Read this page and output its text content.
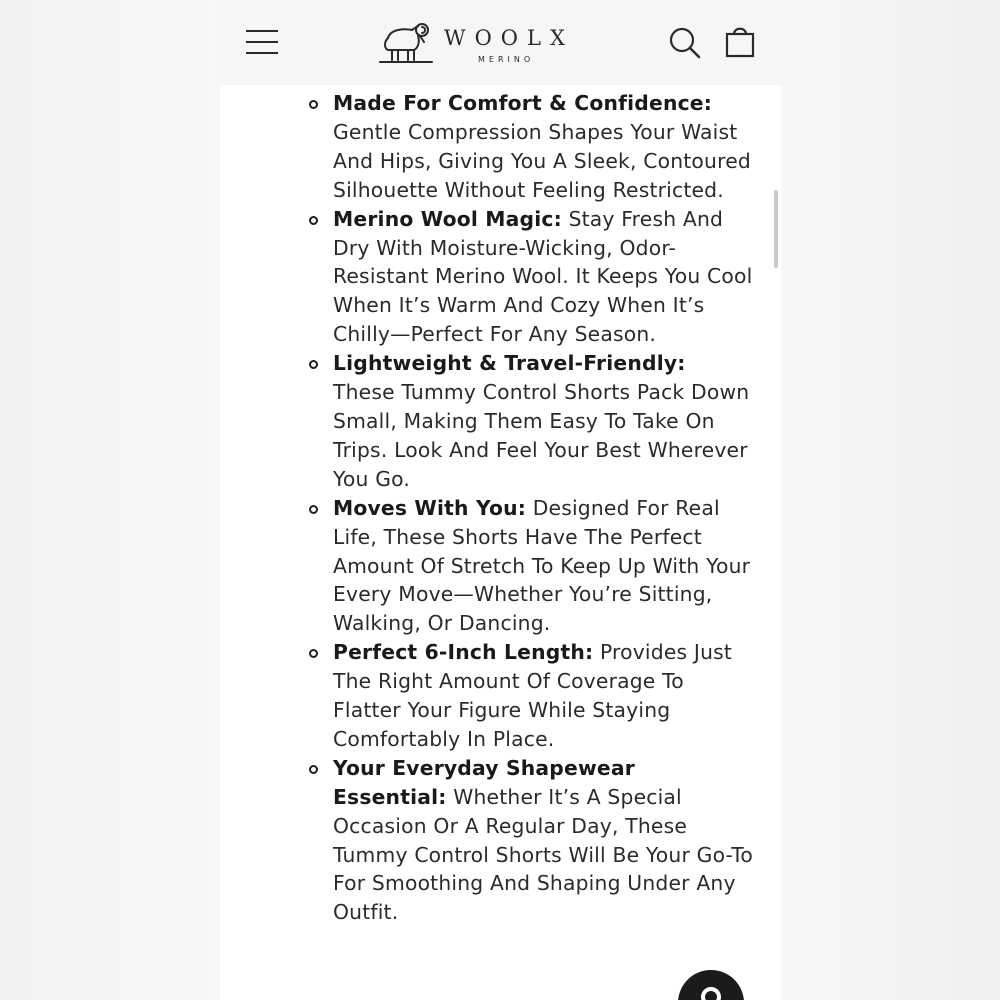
Made For Comfort & Confidence:
Gentle Compression Shapes Your Waist And Hips, Giving You A Sleek, Contoured Silhouette Without Feeling Restricted.
Merino Wool Magic: Stay Fresh And Dry With Moisture-Wicking, Odor-Resistant Merino Wool. It Keeps You Cool When It’s Warm And Cozy When It’s Chilly—Perfect For Any Season.
Lightweight & Travel-Friendly:
These Tummy Control Shorts Pack Down Small, Making Them Easy To Take On Trips. Look And Feel Your Best Wherever You Go.
Moves With You: Designed For Real Life, These Shorts Have The Perfect Amount Of Stretch To Keep Up With Your Every Move—Whether You’re Sitting, Walking, Or Dancing.
Perfect 6-Inch Length: Provides Just The Right Amount Of Coverage To Flatter Your Figure While Staying Comfortably In Place.
Your Everyday Shapewear Essential: Whether It’s A Special Occasion Or A Regular Day, These Tummy Control Shorts Will Be Your Go-To For Smoothing And Shaping Under Any Outfit.
WOOLX
MERINO
